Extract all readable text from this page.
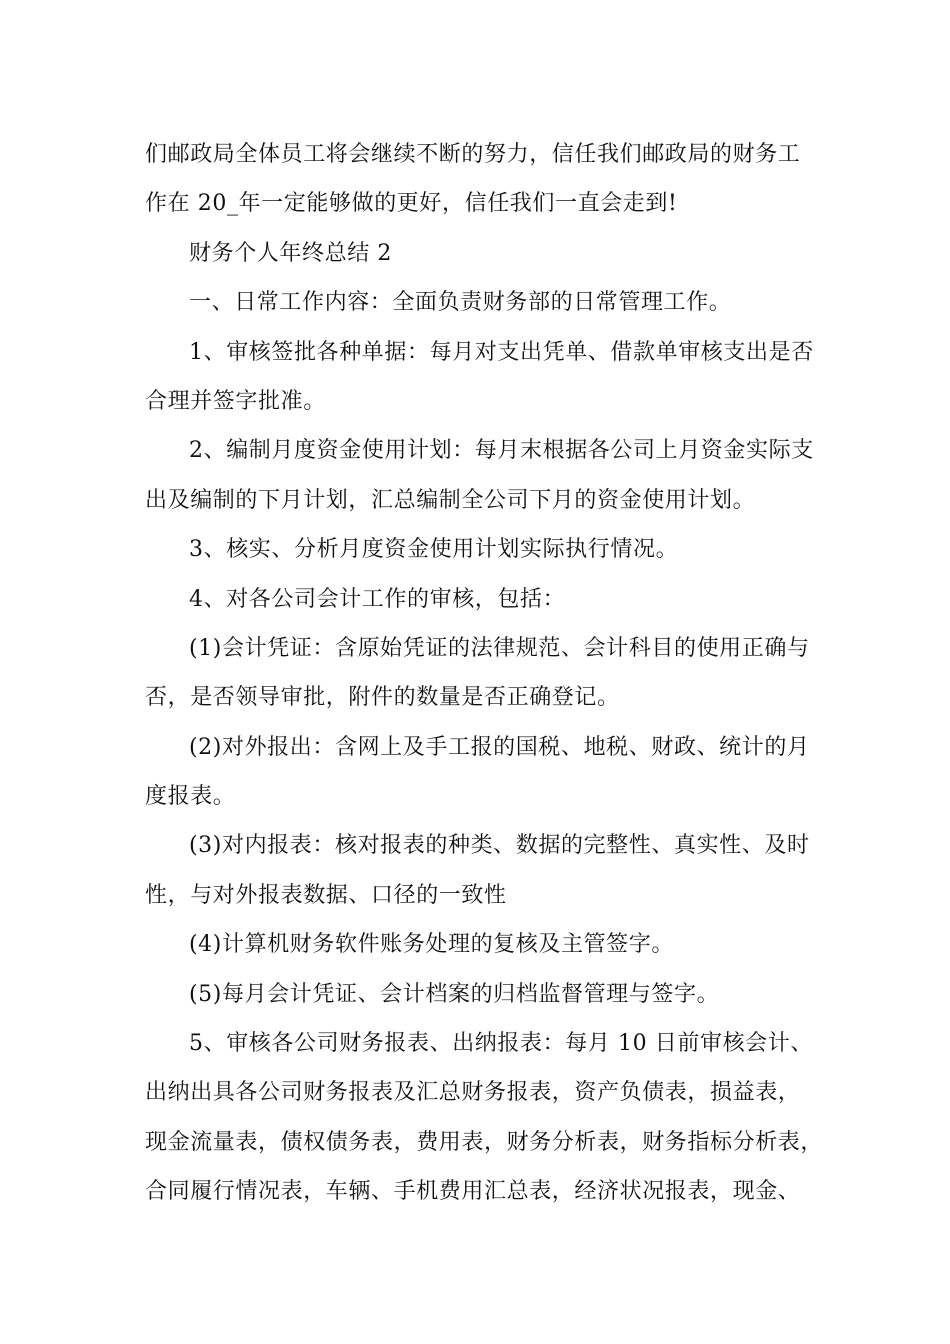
们邮政局全体员工将会继续不断的努力，信任我们邮政局的财务工
作在 20_年一定能够做的更好，信任我们一直会走到!
财务个人年终总结 2
一、日常工作内容：全面负责财务部的日常管理工作。
1、审核签批各种单据：每月对支出凭单、借款单审核支出是否
合理并签字批准。
2、编制月度资金使用计划：每月末根据各公司上月资金实际支
出及编制的下月计划，汇总编制全公司下月的资金使用计划。
3、核实、分析月度资金使用计划实际执行情况。
4、对各公司会计工作的审核，包括：
(1)会计凭证：含原始凭证的法律规范、会计科目的使用正确与
否，是否领导审批，附件的数量是否正确登记。
(2)对外报出：含网上及手工报的国税、地税、财政、统计的月
度报表。
(3)对内报表：核对报表的种类、数据的完整性、真实性、及时
性，与对外报表数据、口径的一致性
(4)计算机财务软件账务处理的复核及主管签字。
(5)每月会计凭证、会计档案的归档监督管理与签字。
5、审核各公司财务报表、出纳报表：每月 10 日前审核会计、
出纳出具各公司财务报表及汇总财务报表，资产负债表，损益表，
现金流量表，债权债务表，费用表，财务分析表，财务指标分析表，
合同履行情况表，车辆、手机费用汇总表，经济状况报表，现金、
